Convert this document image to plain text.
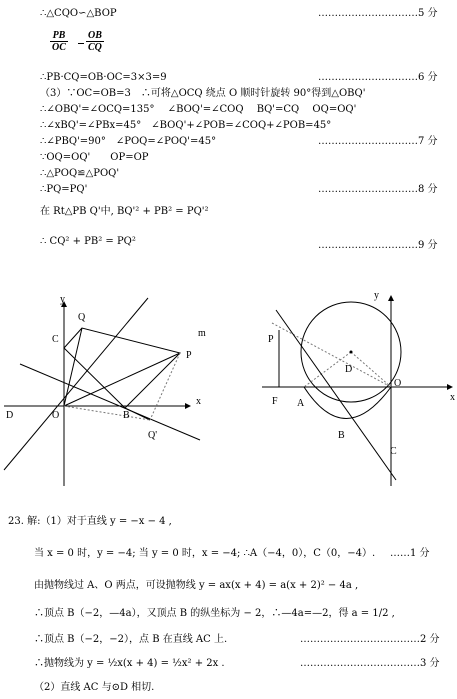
∴△CQO∽△BOP	…………………………5 分
$\frac{PB}{OC} \frac{OB}{CQ}$
∴PB·CQ=OB·OC=3×3=9	…………………………6 分
（3）∵OC=OB=3　∴可将△OCQ 绕点 O 顺时针旋转 90°得到△OBQ'
∴∠OBQ'=∠OCQ=135°　 ∠BOQ'=∠COQ　 BQ'=CQ　 OQ=OQ'
∴∠xBQ'=∠PBx=45°　∠BOQ'+∠POB=∠COQ+∠POB=45°
∴∠PBQ'=90°　∠POQ=∠POQ'=45°	…………………………7 分
∵OQ=OQ'　　OP=OP
∴△POQ≌△POQ'
∴PQ=PQ'	…………………………8 分
在 Rt△PB Q'中, BQ'² + PB² = PQ'²
∴ CQ² + PB² = PQ²	…………………………9 分
y
x
Q
C
m
P
D	O	B
Q'
y
x
P
D
O
F A
B
C
23. 解:（1）对于直线 y = −x − 4 ,
当 x = 0 时，y = −4; 当 y = 0 时，x = −4; ∴A（−4，0），C（0，−4）. ……1 分
由抛物线过 A、O 两点，可设抛物线 y = ax(x + 4) = a(x + 2)² − 4a ,
∴顶点 B（−2，—4a），又顶点 B 的纵坐标为 − 2，∴—4a=—2，得 a = 1/2 ,
∴顶点 B（−2，−2），点 B 在直线 AC 上.	………………………………2 分
∴抛物线为 y = ½x(x + 4) = ½x² + 2x .	………………………………3 分
（2）直线 AC 与⊙D 相切.
